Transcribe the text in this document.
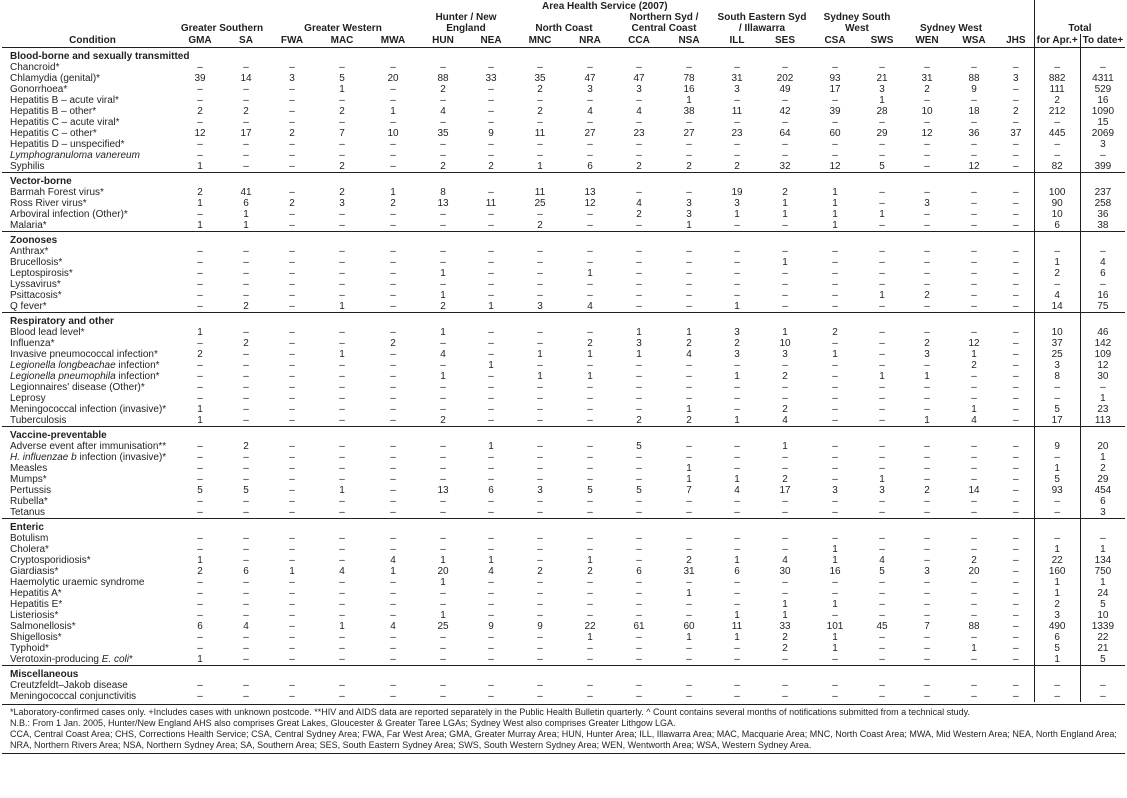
	Area Health Service (2007)																			
	Greater Southern		Greater Western			Hunter / New England		North Coast		Northern Syd / Central Coast		South Eastern Syd / Illawarra		Sydney South West		Sydney West			Total	
Condition	GMA	SA	FWA	MAC	MWA	HUN	NEA	MNC	NRA	CCA	NSA	ILL	SES	CSA	SWS	WEN	WSA	JHS	for Apr.+	To date+
Blood-borne and sexually transmitted																				
Chancroid*	–	–	–	–	–	–	–	–	–	–	–	–	–	–	–	–	–	–	–	–
Chlamydia (genital)*	39	14	3	5	20	88	33	35	47	47	78	31	202	93	21	31	88	3	882	4311
Gonorrhoea*	–	–	–	1	–	2	–	2	3	3	16	3	49	17	3	2	9	–	111	529
Hepatitis B – acute viral*	–	–	–	–	–	–	–	–	–	–	1	–	–	–	1	–	–	–	2	16
Hepatitis B – other*	2	2	–	2	1	4	–	2	4	4	38	11	42	39	28	10	18	2	212	1090
Hepatitis C – acute viral*	–	–	–	–	–	–	–	–	–	–	–	–	–	–	–	–	–	–	–	15
Hepatitis C – other*	12	17	2	7	10	35	9	11	27	23	27	23	64	60	29	12	36	37	445	2069
Hepatitis D – unspecified*	–	–	–	–	–	–	–	–	–	–	–	–	–	–	–	–	–	–	–	3
Lymphogranuloma vanereum	–	–	–	–	–	–	–	–	–	–	–	–	–	–	–	–	–	–	–	–
Syphilis	1	–	–	2	–	2	2	1	6	2	2	2	32	12	5	–	12	–	82	399
Vector-borne																				
Barmah Forest virus*	2	41	–	2	1	8	–	11	13	–	–	19	2	1	–	–	–	–	100	237
Ross River virus*	1	6	2	3	2	13	11	25	12	4	3	3	1	1	–	3	–	–	90	258
Arboviral infection (Other)*	–	1	–	–	–	–	–	–	–	2	3	1	1	1	1	–	–	–	10	36
Malaria*	1	1	–	–	–	–	–	2	–	–	1	–	–	1	–	–	–	–	6	38
Zoonoses																				
Anthrax*	–	–	–	–	–	–	–	–	–	–	–	–	–	–	–	–	–	–	–	–
Brucellosis*	–	–	–	–	–	–	–	–	–	–	–	–	1	–	–	–	–	–	1	4
Leptospirosis*	–	–	–	–	–	1	–	–	1	–	–	–	–	–	–	–	–	–	2	6
Lyssavirus*	–	–	–	–	–	–	–	–	–	–	–	–	–	–	–	–	–	–	–	–
Psittacosis*	–	–	–	–	–	1	–	–	–	–	–	–	–	–	1	2	–	–	4	16
Q fever*	–	2	–	1	–	2	1	3	4	–	–	1	–	–	–	–	–	–	14	75
Respiratory and other																				
Blood lead level*	1	–	–	–	–	1	–	–	–	1	1	3	1	2	–	–	–	–	10	46
Influenza*	–	2	–	–	2	–	–	–	2	3	2	2	10	–	–	2	12	–	37	142
Invasive pneumococcal infection*	2	–	–	1	–	4	–	1	1	1	4	3	3	1	–	3	1	–	25	109
Legionella longbeachae infection*	–	–	–	–	–	–	1	–	–	–	–	–	–	–	–	–	2	–	3	12
Legionella pneumophila infection*	–	–	–	–	–	1	–	1	1	–	–	1	2	–	1	1	–	–	8	30
Legionnaires' disease (Other)*	–	–	–	–	–	–	–	–	–	–	–	–	–	–	–	–	–	–	–	–
Leprosy	–	–	–	–	–	–	–	–	–	–	–	–	–	–	–	–	–	–	–	1
Meningococcal infection (invasive)*	1	–	–	–	–	–	–	–	–	–	1	–	2	–	–	–	1	–	5	23
Tuberculosis	1	–	–	–	–	2	–	–	–	2	2	1	4	–	–	1	4	–	17	113
Vaccine-preventable																				
Adverse event after immunisation**	–	2	–	–	–	–	1	–	–	5	–	–	1	–	–	–	–	–	9	20
H. influenzae b infection (invasive)*	–	–	–	–	–	–	–	–	–	–	–	–	–	–	–	–	–	–	–	1
Measles	–	–	–	–	–	–	–	–	–	–	1	–	–	–	–	–	–	–	1	2
Mumps*	–	–	–	–	–	–	–	–	–	–	1	1	2	–	1	–	–	–	5	29
Pertussis	5	5	–	1	–	13	6	3	5	5	7	4	17	3	3	2	14	–	93	454
Rubella*	–	–	–	–	–	–	–	–	–	–	–	–	–	–	–	–	–	–	–	6
Tetanus	–	–	–	–	–	–	–	–	–	–	–	–	–	–	–	–	–	–	–	3
Enteric																				
Botulism	–	–	–	–	–	–	–	–	–	–	–	–	–	–	–	–	–	–	–	–
Cholera*	–	–	–	–	–	–	–	–	–	–	–	–	–	1	–	–	–	–	1	1
Cryptosporidiosis*	1	–	–	–	4	1	1	–	1	–	2	1	4	1	4	–	2	–	22	134
Giardiasis*	2	6	1	4	1	20	4	2	2	6	31	6	30	16	5	3	20	–	160	750
Haemolytic uraemic syndrome	–	–	–	–	–	1	–	–	–	–	–	–	–	–	–	–	–	–	1	1
Hepatitis A*	–	–	–	–	–	–	–	–	–	–	1	–	–	–	–	–	–	–	1	24
Hepatitis E*	–	–	–	–	–	–	–	–	–	–	–	–	1	1	–	–	–	–	2	5
Listeriosis*	–	–	–	–	–	1	–	–	–	–	–	1	1	–	–	–	–	–	3	10
Salmonellosis*	6	4	–	1	4	25	9	9	22	61	60	11	33	101	45	7	88	–	490	1339
Shigellosis*	–	–	–	–	–	–	–	–	1	–	1	1	2	1	–	–	–	–	6	22
Typhoid*	–	–	–	–	–	–	–	–	–	–	–	–	2	1	–	–	1	–	5	21
Verotoxin-producing E. coli*	1	–	–	–	–	–	–	–	–	–	–	–	–	–	–	–	–	–	1	5
Miscellaneous																				
Creutzfeldt–Jakob disease	–	–	–	–	–	–	–	–	–	–	–	–	–	–	–	–	–	–	–	–
Meningococcal conjunctivitis	–	–	–	–	–	–	–	–	–	–	–	–	–	–	–	–	–	–	–	–
*Laboratory-confirmed cases only. +Includes cases with unknown postcode. **HIV and AIDS data are reported separately in the Public Health Bulletin quarterly. ^ Count contains several months of notifications submitted from a technical study.
N.B.: From 1 Jan. 2005, Hunter/New England AHS also comprises Great Lakes, Gloucester & Greater Taree LGAs; Sydney West also comprises Greater Lithgow LGA.
CCA, Central Coast Area; CHS, Corrections Health Service; CSA, Central Sydney Area; FWA, Far West Area; GMA, Greater Murray Area; HUN, Hunter Area; ILL, Illawarra Area; MAC, Macquarie Area; MNC, North Coast Area; MWA, Mid Western Area; NEA, North England Area; NRA, Northern Rivers Area; NSA, Northern Sydney Area; SA, Southern Area; SES, South Eastern Sydney Area; SWS, South Western Sydney Area; WEN, Wentworth Area; WSA, Western Sydney Area.
